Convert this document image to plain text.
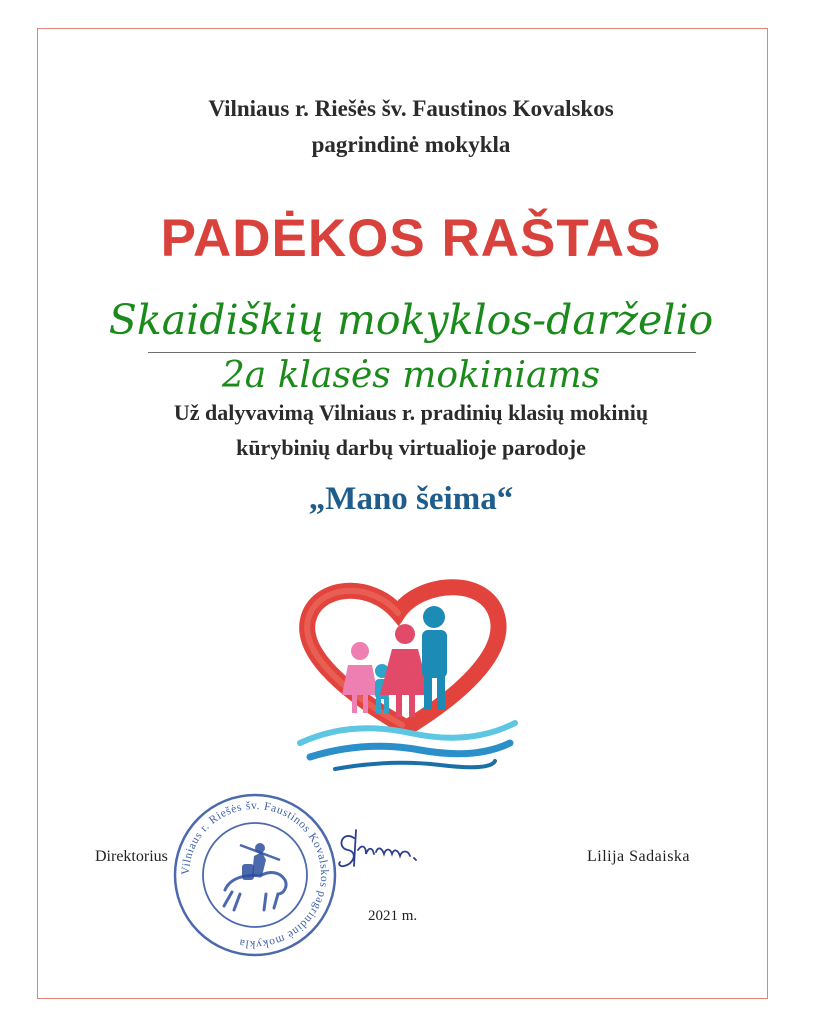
Vilniaus r. Riešės šv. Faustinos Kovalskos
pagrindinė mokykla
PADĖKOS RAŠTAS
Skaidiškių mokyklos-darželio
2a klasės mokiniams
Už dalyvavimą Vilniaus r. pradinių klasių mokinių
kūrybinių darbų virtualioje parodoje
„Mano šeima“
Direktorius	Lilija Sadaiska
2021 m.
Vilniaus r. Riešės šv. Faustinos Kovalskos pagrindinė mokykla
